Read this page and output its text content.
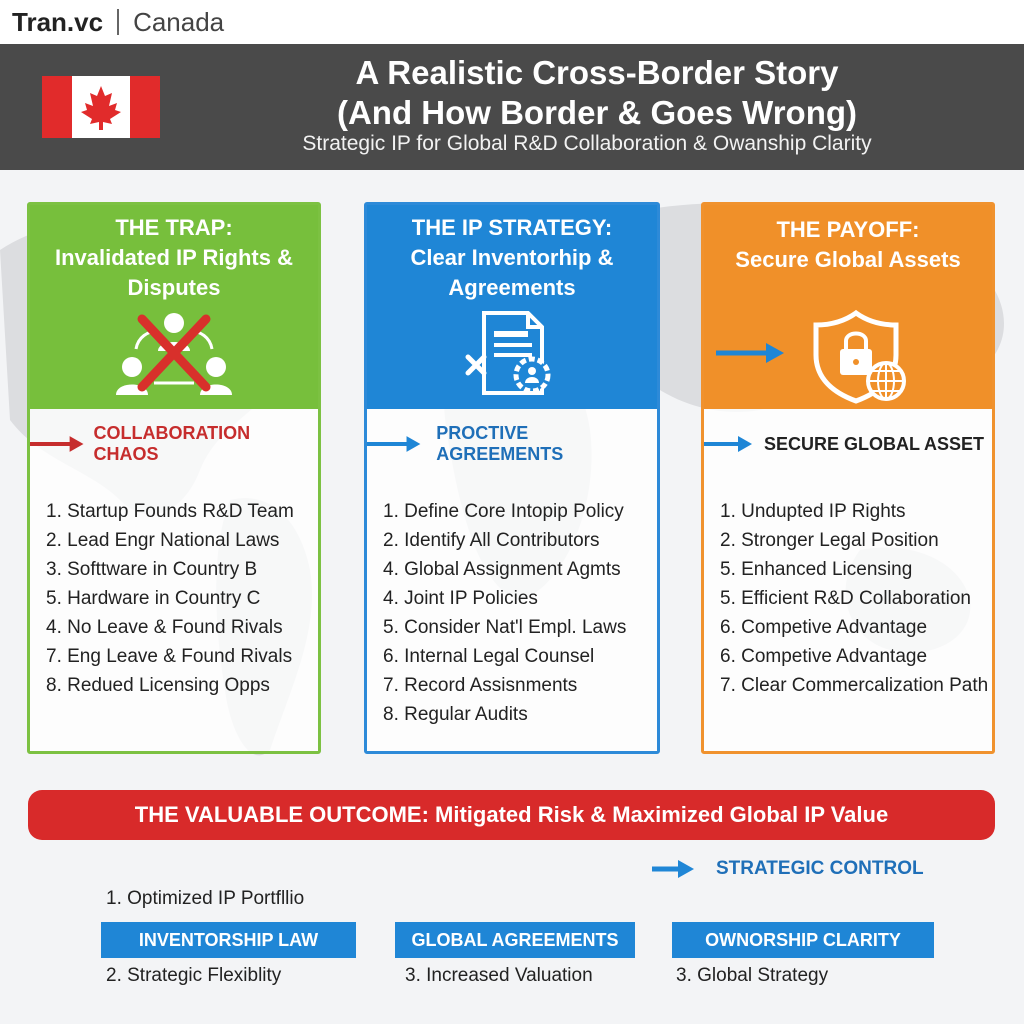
Tran.vc Canada
A Realistic Cross-Border Story
(And How Border & Goes Wrong)
Strategic IP for Global R&D Collaboration & Owanship Clarity
THE TRAP:
Invalidated IP Rights & Disputes
COLLABORATION CHAOS
1. Startup Founds R&D Team
2. Lead Engr National Laws
3. Softtware in Country B
5. Hardware in Country C
4. No Leave & Found Rivals
7. Eng Leave & Found Rivals
8. Redued Licensing Opps
THE IP STRATEGY:
Clear Inventorhip & Agreements
PROCTIVE AGREEMENTS
1. Define Core Intopip Policy
2. Identify All Contributors
4. Global Assignment Agmts
4. Joint IP Policies
5. Consider Nat'l Empl. Laws
6. Internal Legal Counsel
7. Record Assisnments
8. Regular Audits
THE PAYOFF:
Secure Global Assets
SECURE GLOBAL ASSET
1. Undupted IP Rights
2. Stronger Legal Position
5. Enhanced Licensing
5. Efficient R&D Collaboration
6. Competive Advantage
6. Competive Advantage
7. Clear Commercalization Path
THE VALUABLE OUTCOME: Mitigated Risk & Maximized Global IP Value
STRATEGIC CONTROL
1. Optimized IP Portfllio
INVENTORSHIP LAW	GLOBAL AGREEMENTS	OWNORSHIP CLARITY
2. Strategic Flexiblity	3. Increased Valuation	3. Global Strategy
